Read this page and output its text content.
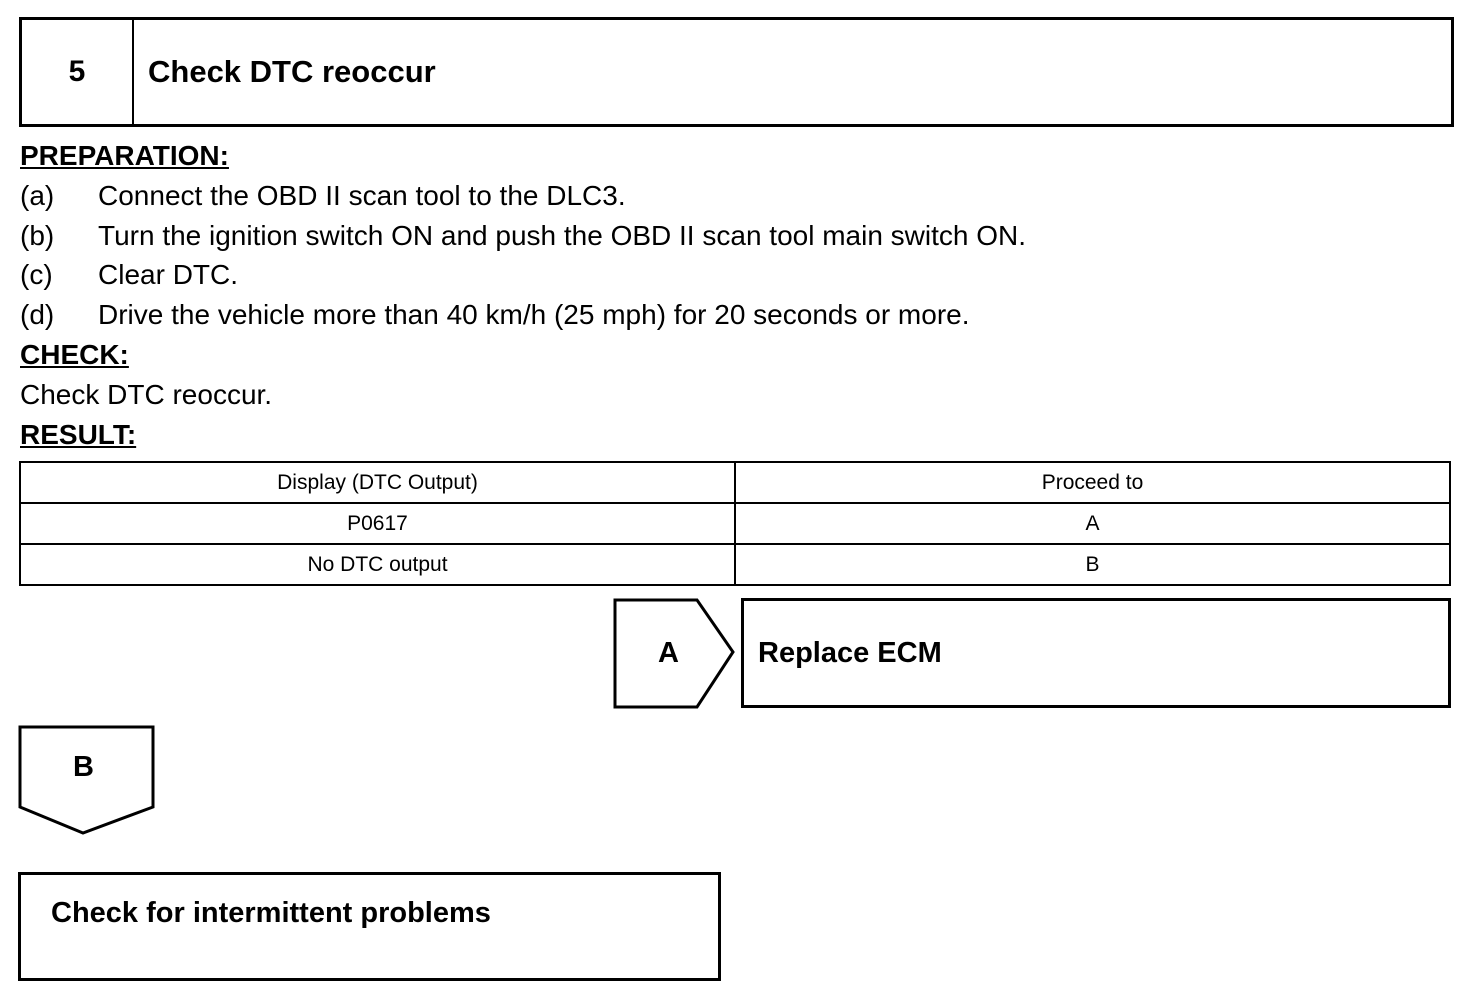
5	Check DTC reoccur
PREPARATION:
(a) Connect the OBD II scan tool to the DLC3.
(b) Turn the ignition switch ON and push the OBD II scan tool main switch ON.
(c) Clear DTC.
(d) Drive the vehicle more than 40 km/h (25 mph) for 20 seconds or more.
CHECK:
Check DTC reoccur.
RESULT:
Display (DTC Output)	Proceed to
P0617	A
No DTC output	B
A	Replace ECM
B
Check for intermittent problems
